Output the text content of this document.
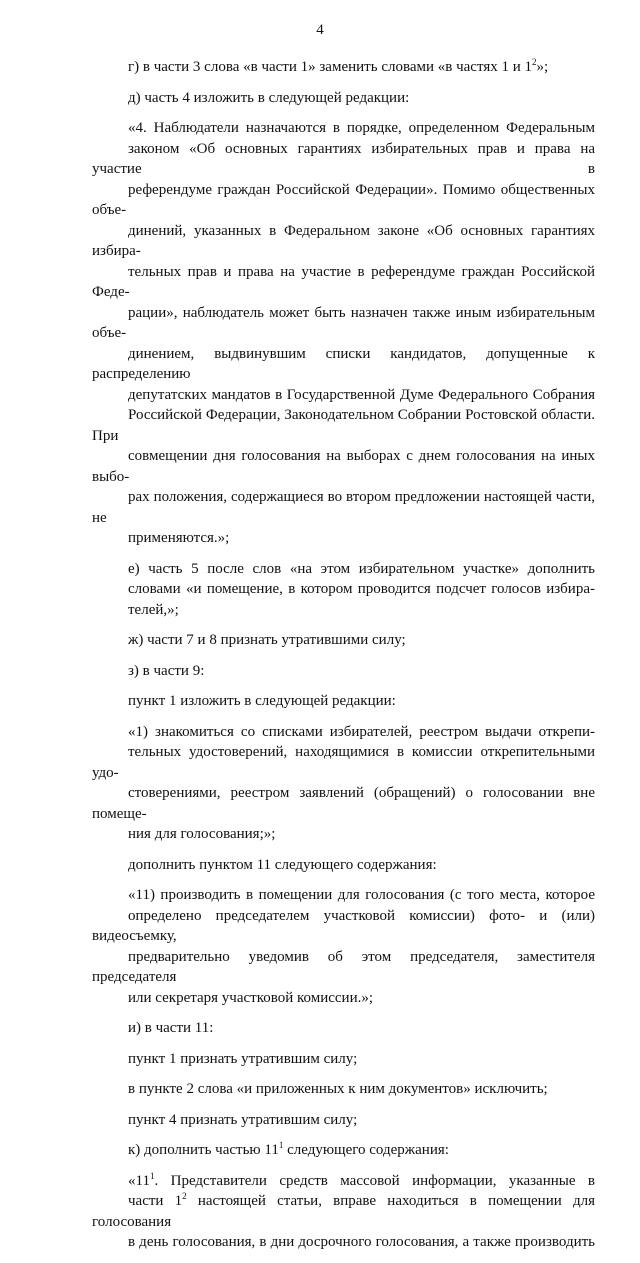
4

г) в части 3 слова «в части 1» заменить словами «в частях 1 и $1^2$»;

д) часть 4 изложить в следующей редакции:

«4. Наблюдатели назначаются в порядке, определенном Федеральным
законом «Об основных гарантиях избирательных прав и права на участие в
референдуме граждан Российской Федерации». Помимо общественных объе-
динений, указанных в Федеральном законе «Об основных гарантиях избира-
тельных прав и права на участие в референдуме граждан Российской Феде-
рации», наблюдатель может быть назначен также иным избирательным объе-
динением, выдвинувшим списки кандидатов, допущенные к распределению
депутатских мандатов в Государственной Думе Федерального Собрания
Российской Федерации, Законодательном Собрании Ростовской области. При
совмещении дня голосования на выборах с днем голосования на иных выбо-
рах положения, содержащиеся во втором предложении настоящей части, не
применяются.»;

е) часть 5 после слов «на этом избирательном участке» дополнить
словами «и помещение, в котором проводится подсчет голосов избира-
телей,»;

ж) части 7 и 8 признать утратившими силу;

з) в части 9:

пункт 1 изложить в следующей редакции:

«1) знакомиться со списками избирателей, реестром выдачи открепи-
тельных удостоверений, находящимися в комиссии открепительными удо-
стоверениями, реестром заявлений (обращений) о голосовании вне помеще-
ния для голосования;»;

дополнить пунктом 11 следующего содержания:

«11) производить в помещении для голосования (с того места, которое
определено председателем участковой комиссии) фото- и (или) видеосъемку,
предварительно уведомив об этом председателя, заместителя председателя
или секретаря участковой комиссии.»;

и) в части 11:

пункт 1 признать утратившим силу;

в пункте 2 слова «и приложенных к ним документов» исключить;

пункт 4 признать утратившим силу;

к) дополнить частью $11^1$ следующего содержания:

«$11^1$. Представители средств массовой информации, указанные в
части $1^2$ настоящей статьи, вправе находиться в помещении для голосования
в день голосования, в дни досрочного голосования, а также производить
